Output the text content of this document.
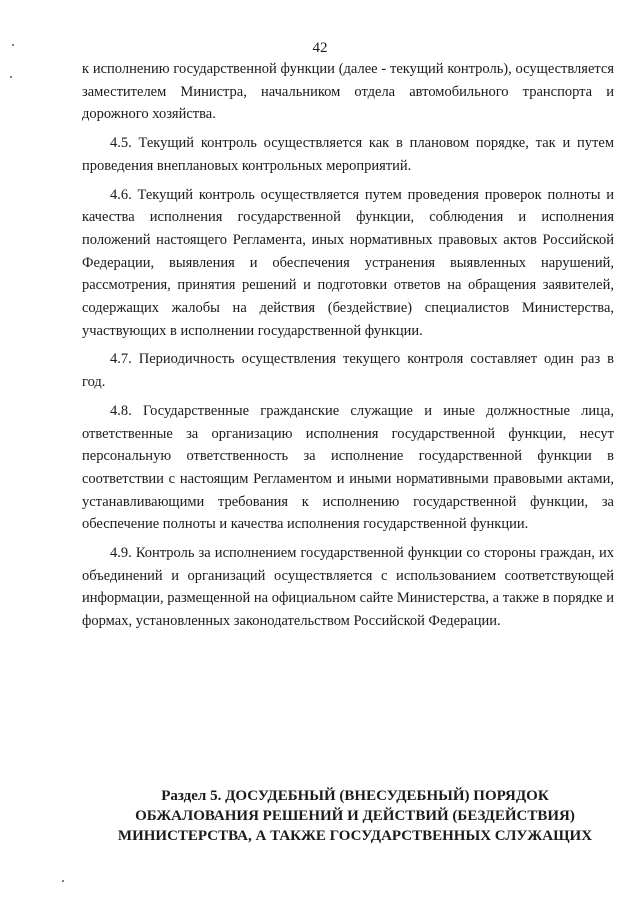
42

к исполнению государственной функции (далее - текущий контроль), осуществляется заместителем Министра, начальником отдела автомобильного транспорта и дорожного хозяйства.

4.5. Текущий контроль осуществляется как в плановом порядке, так и путем проведения внеплановых контрольных мероприятий.

4.6. Текущий контроль осуществляется путем проведения проверок полноты и качества исполнения государственной функции, соблюдения и исполнения положений настоящего Регламента, иных нормативных правовых актов Российской Федерации, выявления и обеспечения устранения выявленных нарушений, рассмотрения, принятия решений и подготовки ответов на обращения заявителей, содержащих жалобы на действия (бездействие) специалистов Министерства, участвующих в исполнении государственной функции.

4.7. Периодичность осуществления текущего контроля составляет один раз в год.

4.8. Государственные гражданские служащие и иные должностные лица, ответственные за организацию исполнения государственной функции, несут персональную ответственность за исполнение государственной функции в соответствии с настоящим Регламентом и иными нормативными правовыми актами, устанавливающими требования к исполнению государственной функции, за обеспечение полноты и качества исполнения государственной функции.

4.9. Контроль за исполнением государственной функции со стороны граждан, их объединений и организаций осуществляется с использованием соответствующей информации, размещенной на официальном сайте Министерства, а также в порядке и формах, установленных законодательством Российской Федерации.

Раздел 5. ДОСУДЕБНЫЙ (ВНЕСУДЕБНЫЙ) ПОРЯДОК
ОБЖАЛОВАНИЯ РЕШЕНИЙ И ДЕЙСТВИЙ (БЕЗДЕЙСТВИЯ)
МИНИСТЕРСТВА, А ТАКЖЕ ГОСУДАРСТВЕННЫХ СЛУЖАЩИХ
